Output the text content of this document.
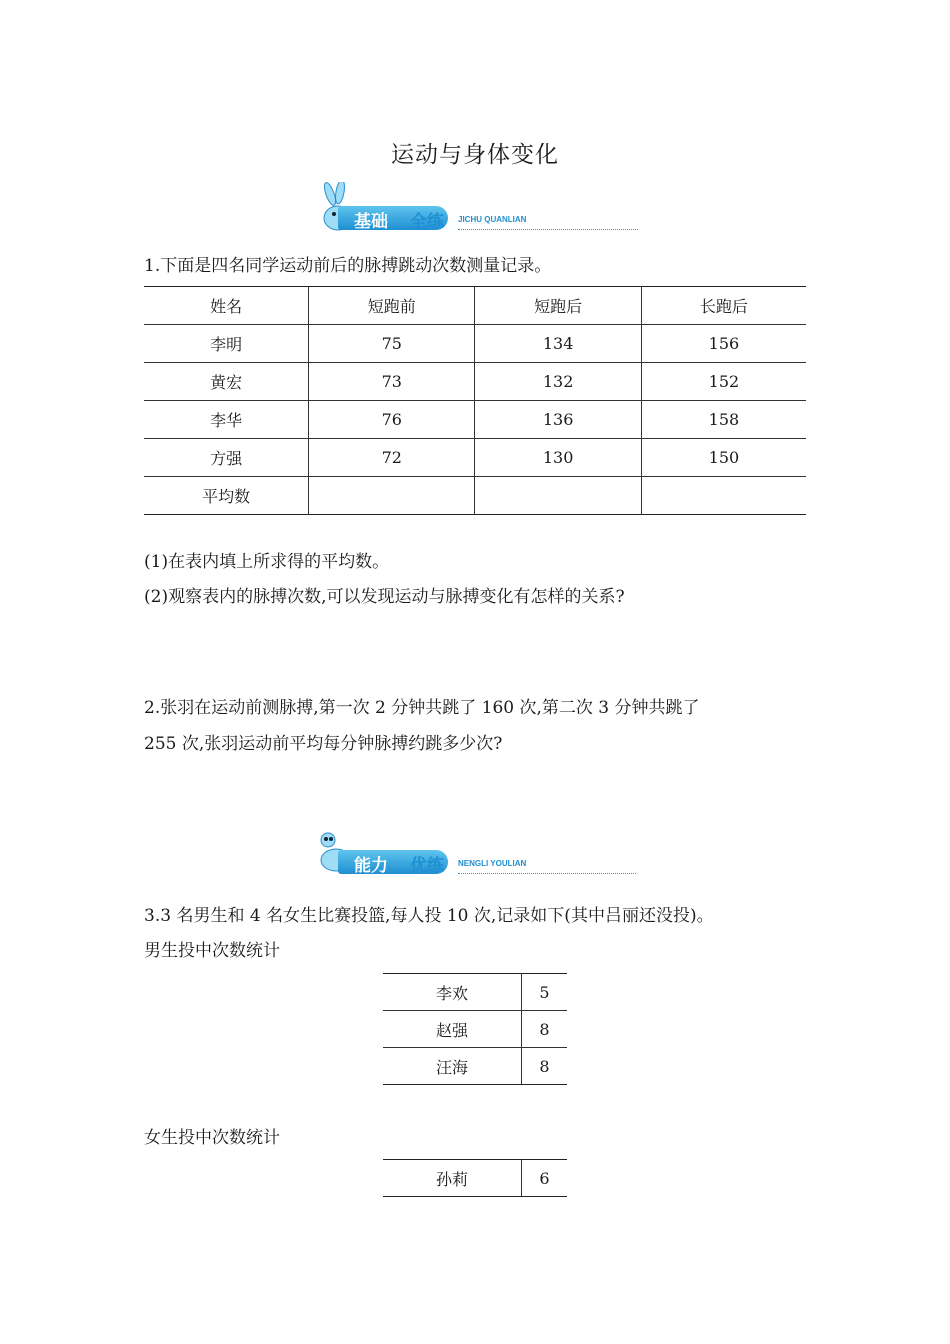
运动与身体变化
基础 全练 JICHU QUANLIAN
1.下面是四名同学运动前后的脉搏跳动次数测量记录。
姓名	短跑前	短跑后	长跑后
李明	75	134	156
黄宏	73	132	152
李华	76	136	158
方强	72	130	150
平均数			
(1)在表内填上所求得的平均数。
(2)观察表内的脉搏次数,可以发现运动与脉搏变化有怎样的关系?
2.张羽在运动前测脉搏,第一次 2 分钟共跳了 160 次,第二次 3 分钟共跳了
255 次,张羽运动前平均每分钟脉搏约跳多少次?
能力 优练 NENGLI YOULIAN
3.3 名男生和 4 名女生比赛投篮,每人投 10 次,记录如下(其中吕丽还没投)。
男生投中次数统计
李欢	5
赵强	8
汪海	8
女生投中次数统计
孙莉	6
